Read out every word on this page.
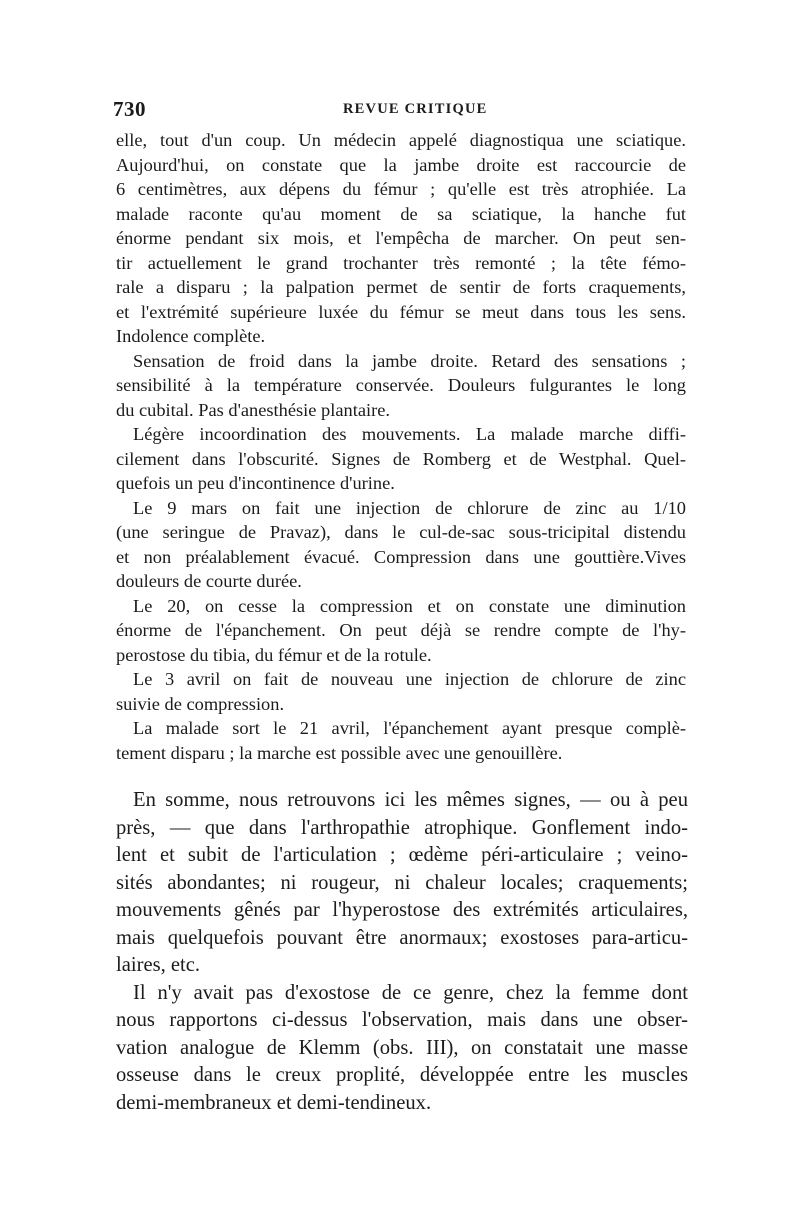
730	REVUE CRITIQUE
elle, tout d'un coup. Un médecin appelé diagnostiqua une sciatique.
Aujourd'hui, on constate que la jambe droite est raccourcie de
6 centimètres, aux dépens du fémur ; qu'elle est très atrophiée. La
malade raconte qu'au moment de sa sciatique, la hanche fut
énorme pendant six mois, et l'empêcha de marcher. On peut sen-
tir actuellement le grand trochanter très remonté ; la tête fémo-
rale a disparu ; la palpation permet de sentir de forts craquements,
et l'extrémité supérieure luxée du fémur se meut dans tous les sens.
Indolence complète.
Sensation de froid dans la jambe droite. Retard des sensations ;
sensibilité à la température conservée. Douleurs fulgurantes le long
du cubital. Pas d'anesthésie plantaire.
Légère incoordination des mouvements. La malade marche diffi-
cilement dans l'obscurité. Signes de Romberg et de Westphal. Quel-
quefois un peu d'incontinence d'urine.
Le 9 mars on fait une injection de chlorure de zinc au 1/10
(une seringue de Pravaz), dans le cul-de-sac sous-tricipital distendu
et non préalablement évacué. Compression dans une gouttière.Vives
douleurs de courte durée.
Le 20, on cesse la compression et on constate une diminution
énorme de l'épanchement. On peut déjà se rendre compte de l'hy-
perostose du tibia, du fémur et de la rotule.
Le 3 avril on fait de nouveau une injection de chlorure de zinc
suivie de compression.
La malade sort le 21 avril, l'épanchement ayant presque complè-
tement disparu ; la marche est possible avec une genouillère.
En somme, nous retrouvons ici les mêmes signes, — ou à peu
près, — que dans l'arthropathie atrophique. Gonflement indo-
lent et subit de l'articulation ; œdème péri-articulaire ; veino-
sités abondantes; ni rougeur, ni chaleur locales; craquements;
mouvements gênés par l'hyperostose des extrémités articulaires,
mais quelquefois pouvant être anormaux; exostoses para-articu-
laires, etc.
Il n'y avait pas d'exostose de ce genre, chez la femme dont
nous rapportons ci-dessus l'observation, mais dans une obser-
vation analogue de Klemm (obs. III), on constatait une masse
osseuse dans le creux proplité, développée entre les muscles
demi-membraneux et demi-tendineux.
